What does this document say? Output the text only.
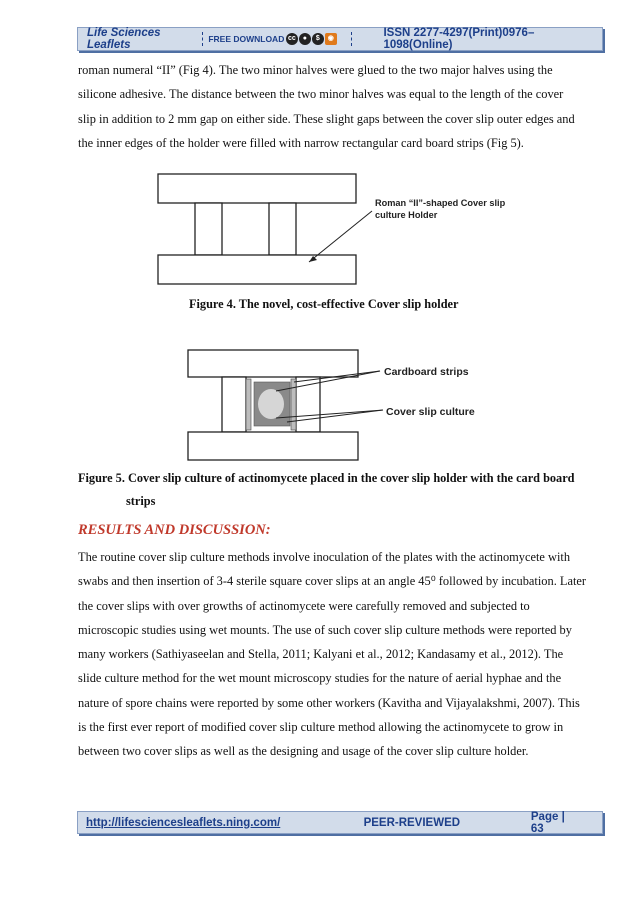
Life Sciences Leaflets	FREE DOWNLOAD cc ●	$	◉	ISSN 2277-4297(Print)0976–1098(Online)

roman numeral “II” (Fig 4). The two minor halves were glued to the two major halves using the

silicone adhesive. The distance between the two minor halves was equal to the length of the cover

slip in addition to 2 mm gap on either side. These slight gaps between the cover slip outer edges and

the inner edges of the holder were filled with narrow rectangular card board strips (Fig 5).

Roman “II”-shaped Cover slip
culture Holder
Figure 4. The novel, cost-effective Cover slip holder
Cardboard strips
Cover slip culture
Figure 5. Cover slip culture of actinomycete placed in the cover slip holder with the card board
strips
RESULTS AND DISCUSSION:

The routine cover slip culture methods involve inoculation of the plates with the actinomycete with

swabs and then insertion of 3-4 sterile square cover slips at an angle 45⁰ followed by incubation. Later

the cover slips with over growths of actinomycete were carefully removed and subjected to

microscopic studies using wet mounts. The use of such cover slip culture methods were reported by

many workers (Sathiyaseelan and Stella, 2011; Kalyani et al., 2012; Kandasamy et al., 2012). The

slide culture method for the wet mount microscopy studies for the nature of aerial hyphae and the

nature of spore chains were reported by some other workers (Kavitha and Vijayalakshmi, 2007). This

is the first ever report of modified cover slip culture method allowing the actinomycete to grow in

between two cover slips as well as the designing and usage of the cover slip culture holder.

http://lifesciencesleaflets.ning.com/	PEER-REVIEWED	Page | 63
